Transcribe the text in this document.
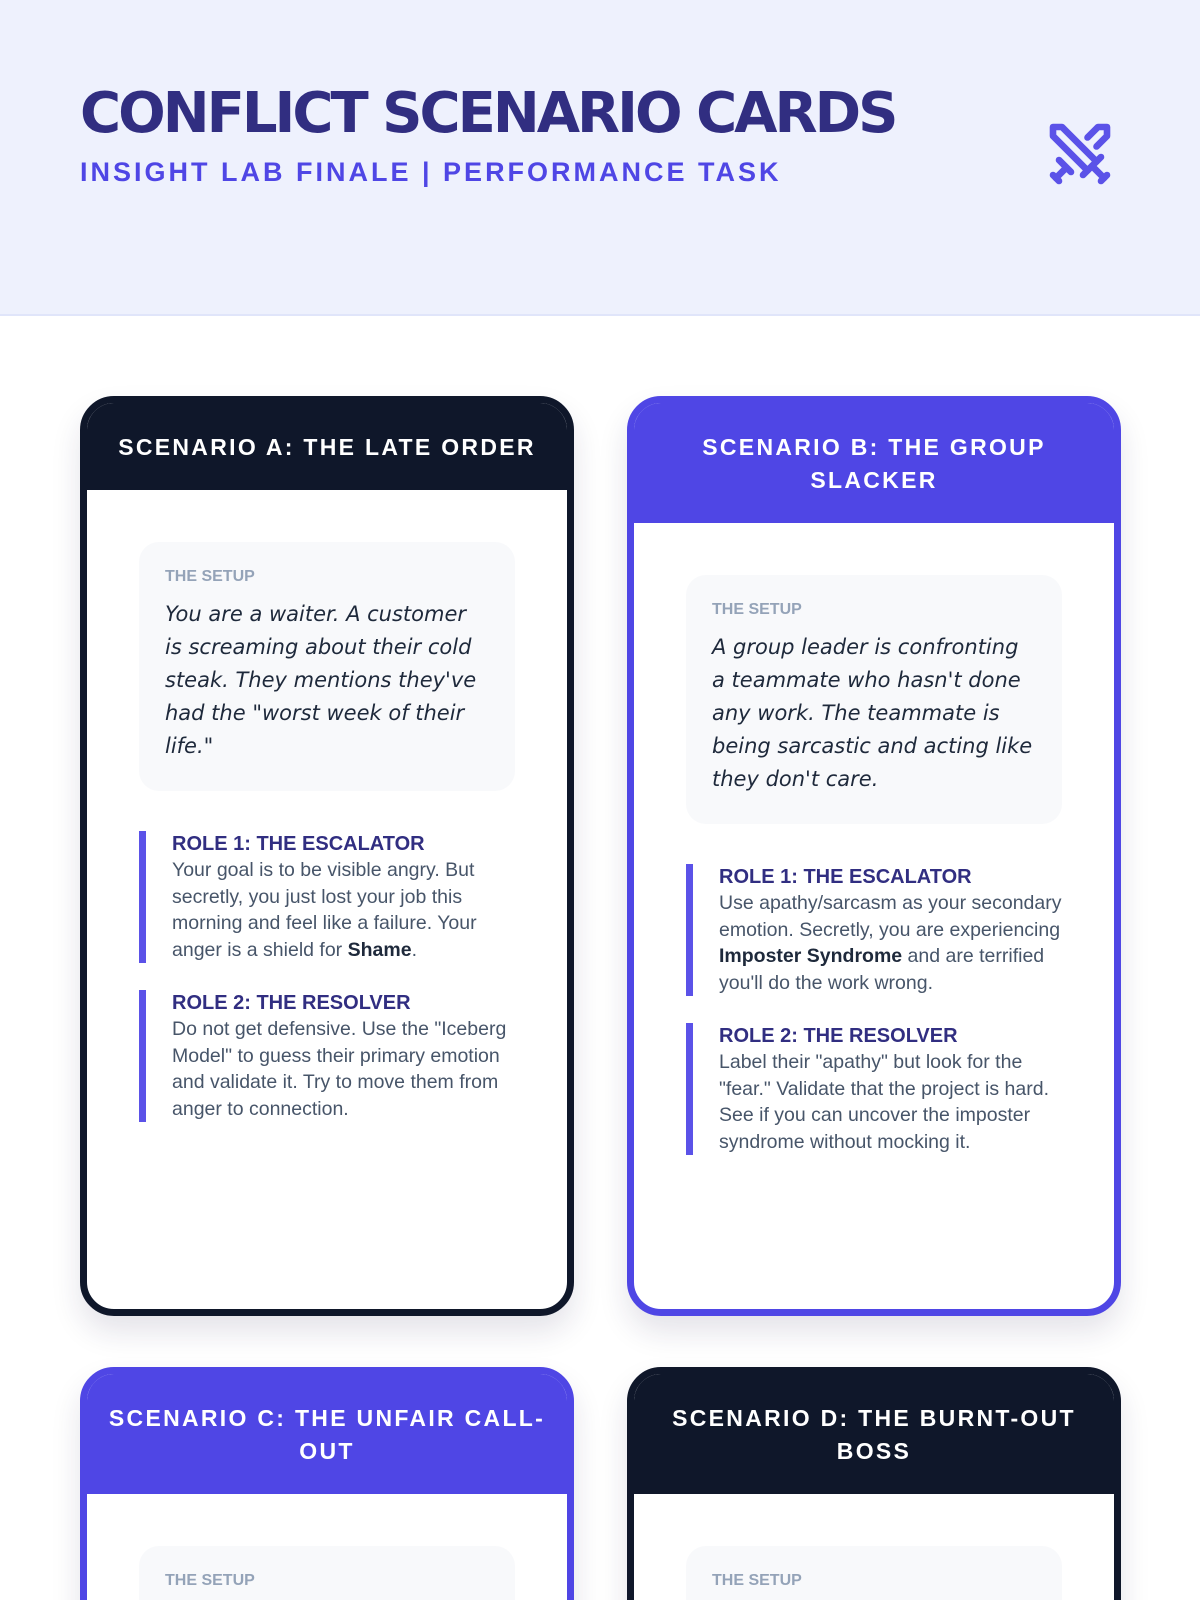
CONFLICT SCENARIO CARDS
INSIGHT LAB FINALE | PERFORMANCE TASK
SCENARIO A: THE LATE ORDER
THE SETUP
You are a waiter. A customer is screaming about their cold steak. They mentions they've had the "worst week of their life."
ROLE 1: THE ESCALATOR
Your goal is to be visible angry. But secretly, you just lost your job this morning and feel like a failure. Your anger is a shield for Shame.
ROLE 2: THE RESOLVER
Do not get defensive. Use the "Iceberg Model" to guess their primary emotion and validate it. Try to move them from anger to connection.
SCENARIO B: THE GROUP SLACKER
THE SETUP
A group leader is confronting a teammate who hasn't done any work. The teammate is being sarcastic and acting like they don't care.
ROLE 1: THE ESCALATOR
Use apathy/sarcasm as your secondary emotion. Secretly, you are experiencing Imposter Syndrome and are terrified you'll do the work wrong.
ROLE 2: THE RESOLVER
Label their "apathy" but look for the "fear." Validate that the project is hard. See if you can uncover the imposter syndrome without mocking it.
SCENARIO C: THE UNFAIR CALL-OUT
THE SETUP
SCENARIO D: THE BURNT-OUT BOSS
THE SETUP
